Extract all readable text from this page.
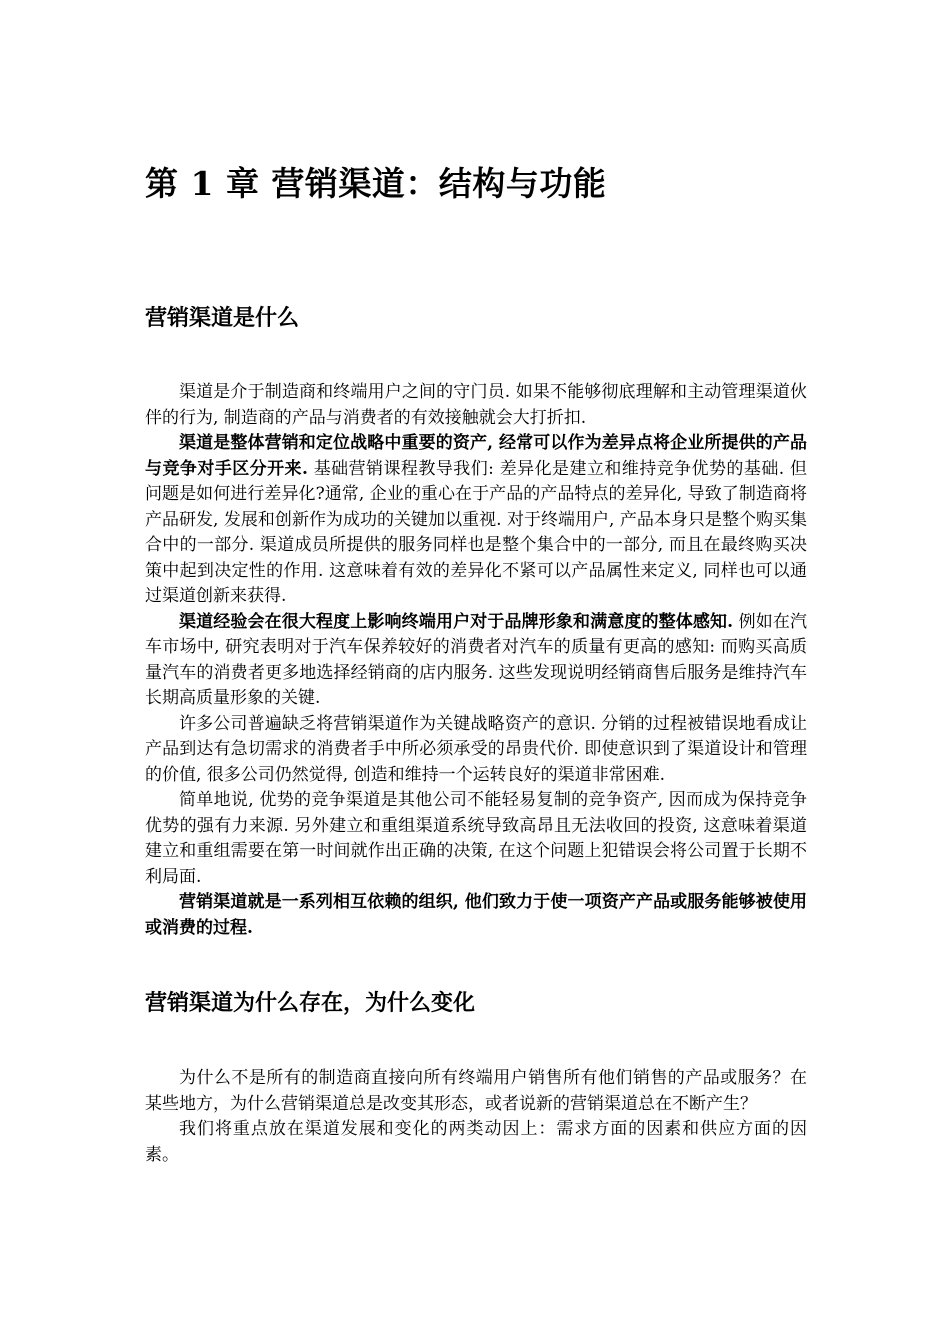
第 1 章 营销渠道：结构与功能
营销渠道是什么

渠道是介于制造商和终端用户之间的守门员. 如果不能够彻底理解和主动管理渠道伙伴的行为, 制造商的产品与消费者的有效接触就会大打折扣.

渠道是整体营销和定位战略中重要的资产, 经常可以作为差异点将企业所提供的产品与竞争对手区分开来. 基础营销课程教导我们: 差异化是建立和维持竞争优势的基础. 但问题是如何进行差异化?通常, 企业的重心在于产品的产品特点的差异化, 导致了制造商将产品研发, 发展和创新作为成功的关键加以重视. 对于终端用户, 产品本身只是整个购买集合中的一部分. 渠道成员所提供的服务同样也是整个集合中的一部分, 而且在最终购买决策中起到决定性的作用. 这意味着有效的差异化不紧可以产品属性来定义, 同样也可以通过渠道创新来获得.

渠道经验会在很大程度上影响终端用户对于品牌形象和满意度的整体感知. 例如在汽车市场中, 研究表明对于汽车保养较好的消费者对汽车的质量有更高的感知: 而购买高质量汽车的消费者更多地选择经销商的店内服务. 这些发现说明经销商售后服务是维持汽车长期高质量形象的关键.

许多公司普遍缺乏将营销渠道作为关键战略资产的意识. 分销的过程被错误地看成让产品到达有急切需求的消费者手中所必须承受的昂贵代价. 即使意识到了渠道设计和管理的价值, 很多公司仍然觉得, 创造和维持一个运转良好的渠道非常困难.

简单地说, 优势的竞争渠道是其他公司不能轻易复制的竞争资产, 因而成为保持竞争优势的强有力来源. 另外建立和重组渠道系统导致高昂且无法收回的投资, 这意味着渠道建立和重组需要在第一时间就作出正确的决策, 在这个问题上犯错误会将公司置于长期不利局面.

营销渠道就是一系列相互依赖的组织, 他们致力于使一项资产产品或服务能够被使用或消费的过程.

营销渠道为什么存在，为什么变化

为什么不是所有的制造商直接向所有终端用户销售所有他们销售的产品或服务？在某些地方，为什么营销渠道总是改变其形态，或者说新的营销渠道总在不断产生？

我们将重点放在渠道发展和变化的两类动因上：需求方面的因素和供应方面的因素。
